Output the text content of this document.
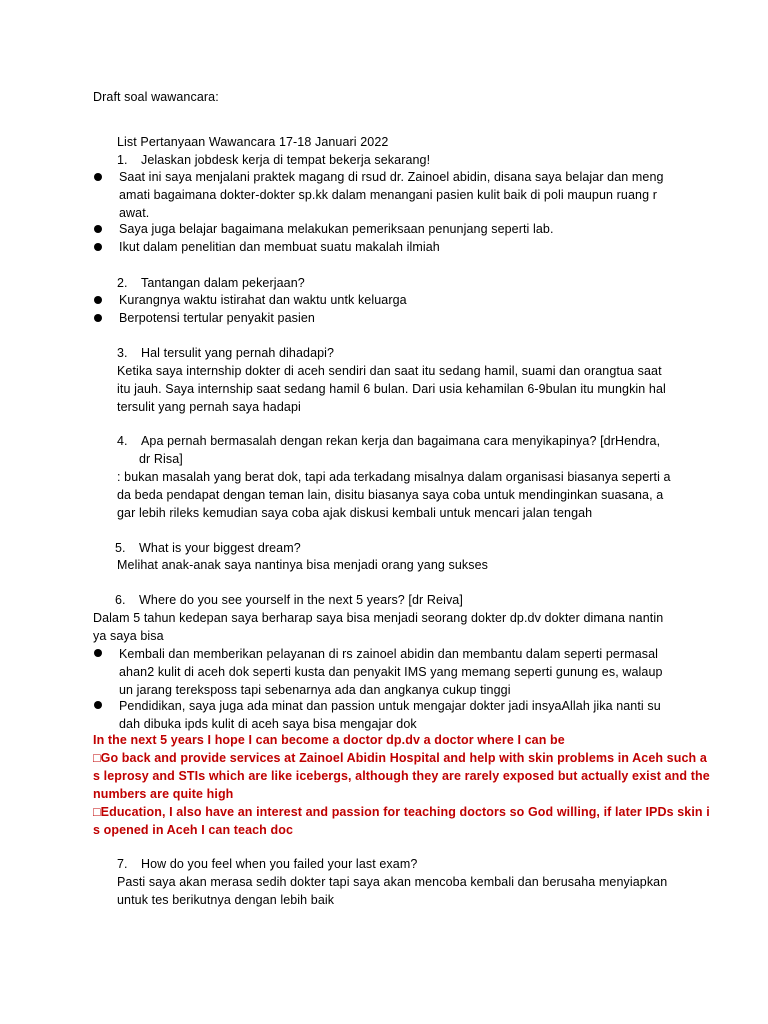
Draft soal wawancara:
List Pertanyaan Wawancara 17-18 Januari 2022
1. Jelaskan jobdesk kerja di tempat bekerja sekarang!
Saat ini saya menjalani praktek magang di rsud dr. Zainoel abidin, disana saya belajar dan meng
amati bagaimana dokter-dokter sp.kk dalam menangani pasien kulit baik di poli maupun ruang r
awat.
Saya juga belajar bagaimana melakukan pemeriksaan penunjang seperti lab.
Ikut dalam penelitian dan membuat suatu makalah ilmiah
2. Tantangan dalam pekerjaan?
Kurangnya waktu istirahat dan waktu untk keluarga
Berpotensi tertular penyakit pasien
3. Hal tersulit yang pernah dihadapi?
Ketika saya internship dokter di aceh sendiri dan saat itu sedang hamil, suami dan orangtua saat
itu jauh. Saya internship saat sedang hamil 6 bulan. Dari usia kehamilan 6-9bulan itu mungkin hal
tersulit yang pernah saya hadapi
4. Apa pernah bermasalah dengan rekan kerja dan bagaimana cara menyikapinya? [drHendra,
dr Risa]
: bukan masalah yang berat dok, tapi ada terkadang misalnya dalam organisasi biasanya seperti a
da beda pendapat dengan teman lain, disitu biasanya saya coba untuk mendinginkan suasana, a
gar lebih rileks kemudian saya coba ajak diskusi kembali untuk mencari jalan tengah
5. What is your biggest dream?
Melihat anak-anak saya nantinya bisa menjadi orang yang sukses
6. Where do you see yourself in the next 5 years? [dr Reiva]
Dalam 5 tahun kedepan saya berharap saya bisa menjadi seorang dokter dp.dv dokter dimana nantin
ya saya bisa
Kembali dan memberikan pelayanan di rs zainoel abidin dan membantu dalam seperti permasal
ahan2 kulit di aceh dok seperti kusta dan penyakit IMS yang memang seperti gunung es, walaup
un jarang tereksposs tapi sebenarnya ada dan angkanya cukup tinggi
Pendidikan, saya juga ada minat dan passion untuk mengajar dokter jadi insyaAllah jika nanti su
dah dibuka ipds kulit di aceh saya bisa mengajar dok
In the next 5 years I hope I can become a doctor dp.dv a doctor where I can be
□Go back and provide services at Zainoel Abidin Hospital and help with skin problems in Aceh such a
s leprosy and STIs which are like icebergs, although they are rarely exposed but actually exist and the
numbers are quite high
□Education, I also have an interest and passion for teaching doctors so God willing, if later IPDs skin i
s opened in Aceh I can teach doc
7. How do you feel when you failed your last exam?
Pasti saya akan merasa sedih dokter tapi saya akan mencoba kembali dan berusaha menyiapkan
untuk tes berikutnya dengan lebih baik
